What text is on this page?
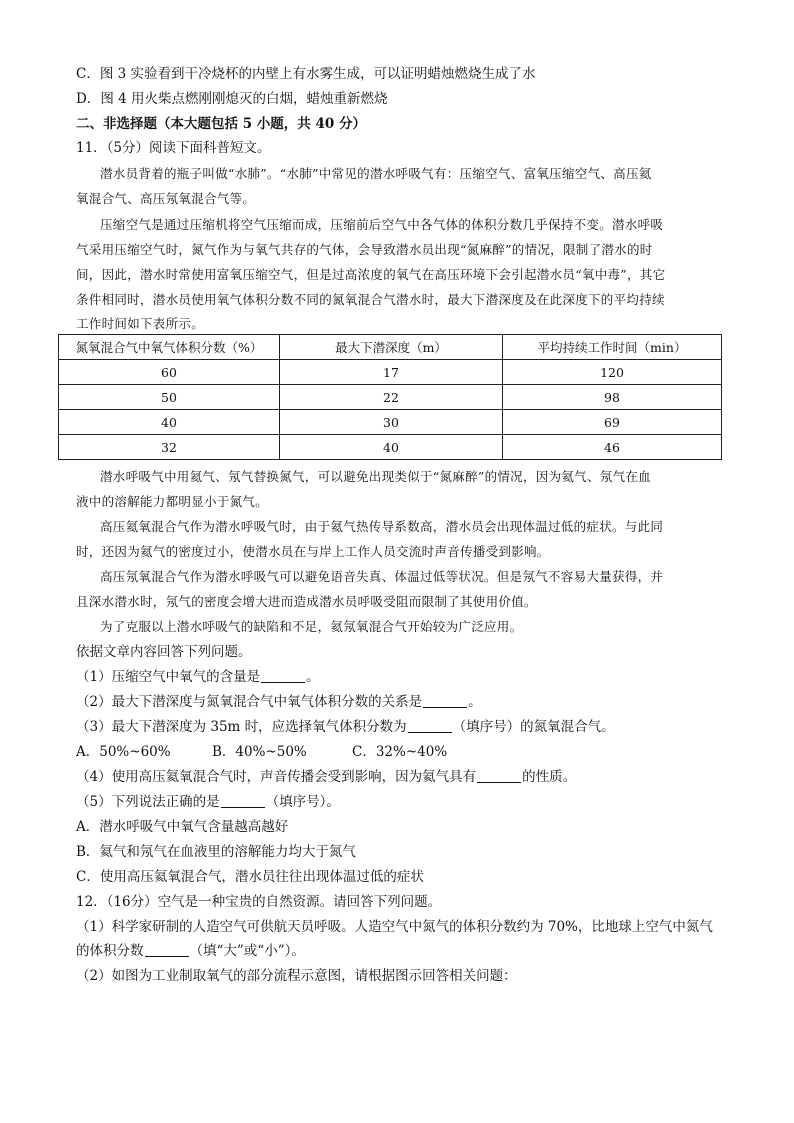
C．图 3 实验看到干冷烧杯的内壁上有水雾生成，可以证明蜡烛燃烧生成了水
D．图 4 用火柴点燃刚刚熄灭的白烟，蜡烛重新燃烧
二、非选择题（本大题包括 5 小题，共 40 分）
11．（5分）阅读下面科普短文。
潜水员背着的瓶子叫做“水肺”。“水肺”中常见的潜水呼吸气有：压缩空气、富氧压缩空气、高压氦
氧混合气、高压氖氧混合气等。
压缩空气是通过压缩机将空气压缩而成，压缩前后空气中各气体的体积分数几乎保持不变。潜水呼吸
气采用压缩空气时，氮气作为与氧气共存的气体，会导致潜水员出现“氮麻醉”的情况，限制了潜水的时
间，因此，潜水时常使用富氧压缩空气，但是过高浓度的氧气在高压环境下会引起潜水员“氧中毒”，其它
条件相同时，潜水员使用氧气体积分数不同的氮氧混合气潜水时，最大下潜深度及在此深度下的平均持续
工作时间如下表所示。
氮氧混合气中氧气体积分数（%）	最大下潜深度（m）	平均持续工作时间（min）
60	17	120
50	22	98
40	30	69
32	40	46
潜水呼吸气中用氦气、氖气替换氮气，可以避免出现类似于“氮麻醉”的情况，因为氦气、氖气在血
液中的溶解能力都明显小于氮气。
高压氦氧混合气作为潜水呼吸气时，由于氦气热传导系数高，潜水员会出现体温过低的症状。与此同
时，还因为氦气的密度过小，使潜水员在与岸上工作人员交流时声音传播受到影响。
高压氖氧混合气作为潜水呼吸气可以避免语音失真、体温过低等状况。但是氖气不容易大量获得，并
且深水潜水时，氖气的密度会增大进而造成潜水员呼吸受阻而限制了其使用价值。
为了克服以上潜水呼吸气的缺陷和不足，氦氖氧混合气开始较为广泛应用。
依据文章内容回答下列问题。
（1）压缩空气中氧气的含量是	。
（2）最大下潜深度与氮氧混合气中氧气体积分数的关系是	。
（3）最大下潜深度为 35m 时，应选择氧气体积分数为	（填序号）的氮氧混合气。
A．50%~60%	B．40%~50%	C．32%~40%
（4）使用高压氦氧混合气时，声音传播会受到影响，因为氦气具有	的性质。
（5）下列说法正确的是	（填序号）。
A．潜水呼吸气中氧气含量越高越好
B．氦气和氖气在血液里的溶解能力均大于氮气
C．使用高压氦氧混合气，潜水员往往出现体温过低的症状
12．（16分）空气是一种宝贵的自然资源。请回答下列问题。
（1）科学家研制的人造空气可供航天员呼吸。人造空气中氮气的体积分数约为 70%，比地球上空气中氮气
的体积分数	（填“大”或“小”）。
（2）如图为工业制取氧气的部分流程示意图，请根据图示回答相关问题：
